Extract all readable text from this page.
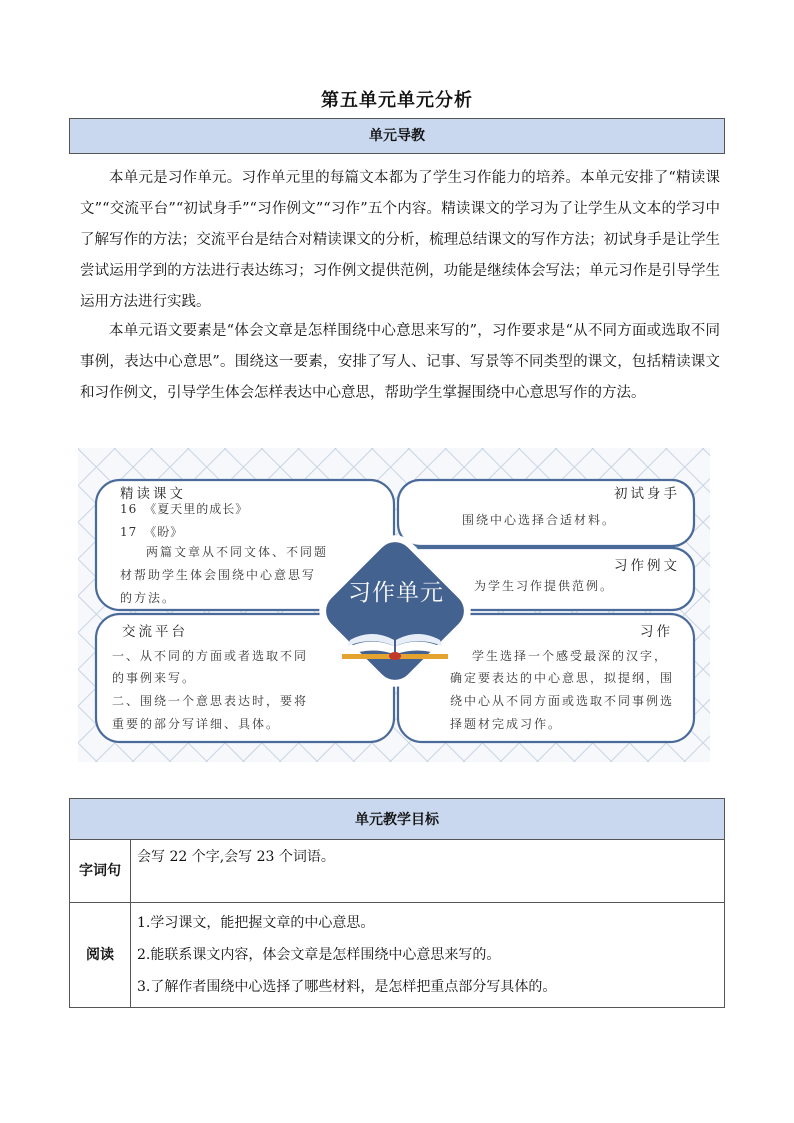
第五单元单元分析
单元导教

本单元是习作单元。习作单元里的每篇文本都为了学生习作能力的培养。本单元安排了“精读课文”“交流平台”“初试身手”“习作例文”“习作”五个内容。精读课文的学习为了让学生从文本的学习中了解写作的方法；交流平台是结合对精读课文的分析，梳理总结课文的写作方法；初试身手是让学生尝试运用学到的方法进行表达练习；习作例文提供范例，功能是继续体会写法；单元习作是引导学生运用方法进行实践。

本单元语文要素是“体会文章是怎样围绕中心意思来写的”，习作要求是“从不同方面或选取不同事例，表达中心意思”。围绕这一要素，安排了写人、记事、写景等不同类型的课文，包括精读课文和习作例文，引导学生体会怎样表达中心意思，帮助学生掌握围绕中心意思写作的方法。

精读课文
16　《夏天里的成长》
17　《盼》
两篇文章从不同文体、不同题
材帮助学生体会围绕中心意思写
的方法。
初试身手
围绕中心选择合适材料。
习作例文
为学生习作提供范例。
交流平台
一、从不同的方面或者选取不同
的事例来写。
二、围绕一个意思表达时，要将
重要的部分写详细、具体。
习作
学生选择一个感受最深的汉字，
确定要表达的中心意思，拟提纲，围
绕中心从不同方面或选取不同事例选
择题材完成习作。
习作单元
单元教学目标	
字词句	会写 22 个字,会写 23 个词语。

阅读	1.学习课文，能把握文章的中心意思。
2.能联系课文内容，体会文章是怎样围绕中心意思来写的。
3.了解作者围绕中心选择了哪些材料，是怎样把重点部分写具体的。
